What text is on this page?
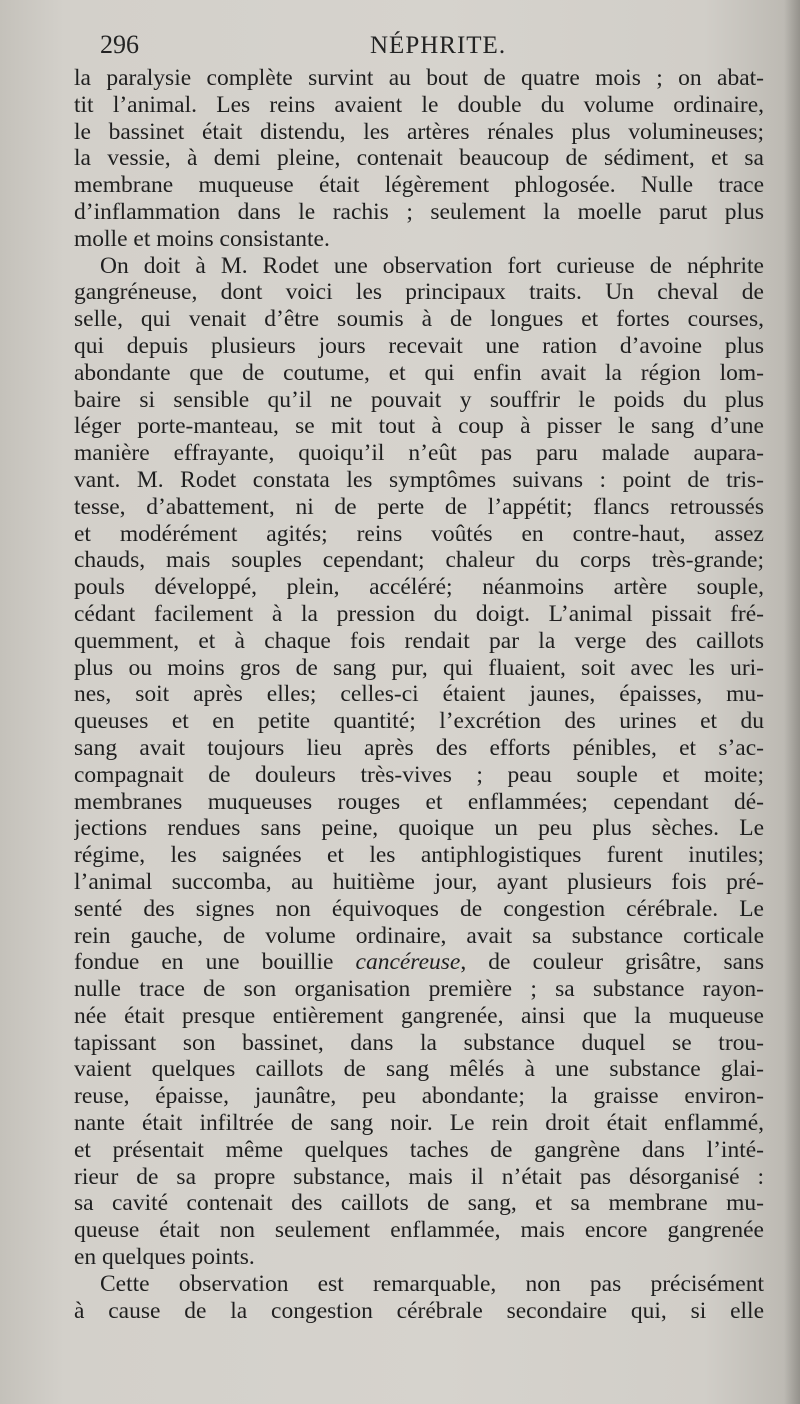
296	NÉPHRITE.
la paralysie complète survint au bout de quatre mois ; on abat-
tit l’animal. Les reins avaient le double du volume ordinaire,
le bassinet était distendu, les artères rénales plus volumineuses;
la vessie, à demi pleine, contenait beaucoup de sédiment, et sa
membrane muqueuse était légèrement phlogosée. Nulle trace
d’inflammation dans le rachis ; seulement la moelle parut plus
molle et moins consistante.
On doit à M. Rodet une observation fort curieuse de néphrite
gangréneuse, dont voici les principaux traits. Un cheval de
selle, qui venait d’être soumis à de longues et fortes courses,
qui depuis plusieurs jours recevait une ration d’avoine plus
abondante que de coutume, et qui enfin avait la région lom-
baire si sensible qu’il ne pouvait y souffrir le poids du plus
léger porte-manteau, se mit tout à coup à pisser le sang d’une
manière effrayante, quoiqu’il n’eût pas paru malade aupara-
vant. M. Rodet constata les symptômes suivans : point de tris-
tesse, d’abattement, ni de perte de l’appétit; flancs retroussés
et modérément agités; reins voûtés en contre-haut, assez
chauds, mais souples cependant; chaleur du corps très-grande;
pouls développé, plein, accéléré; néanmoins artère souple,
cédant facilement à la pression du doigt. L’animal pissait fré-
quemment, et à chaque fois rendait par la verge des caillots
plus ou moins gros de sang pur, qui fluaient, soit avec les uri-
nes, soit après elles; celles-ci étaient jaunes, épaisses, mu-
queuses et en petite quantité; l’excrétion des urines et du
sang avait toujours lieu après des efforts pénibles, et s’ac-
compagnait de douleurs très-vives ; peau souple et moite;
membranes muqueuses rouges et enflammées; cependant dé-
jections rendues sans peine, quoique un peu plus sèches. Le
régime, les saignées et les antiphlogistiques furent inutiles;
l’animal succomba, au huitième jour, ayant plusieurs fois pré-
senté des signes non équivoques de congestion cérébrale. Le
rein gauche, de volume ordinaire, avait sa substance corticale
fondue en une bouillie cancéreuse, de couleur grisâtre, sans
nulle trace de son organisation première ; sa substance rayon-
née était presque entièrement gangrenée, ainsi que la muqueuse
tapissant son bassinet, dans la substance duquel se trou-
vaient quelques caillots de sang mêlés à une substance glai-
reuse, épaisse, jaunâtre, peu abondante; la graisse environ-
nante était infiltrée de sang noir. Le rein droit était enflammé,
et présentait même quelques taches de gangrène dans l’inté-
rieur de sa propre substance, mais il n’était pas désorganisé :
sa cavité contenait des caillots de sang, et sa membrane mu-
queuse était non seulement enflammée, mais encore gangrenée
en quelques points.
Cette observation est remarquable, non pas précisément
à cause de la congestion cérébrale secondaire qui, si elle
